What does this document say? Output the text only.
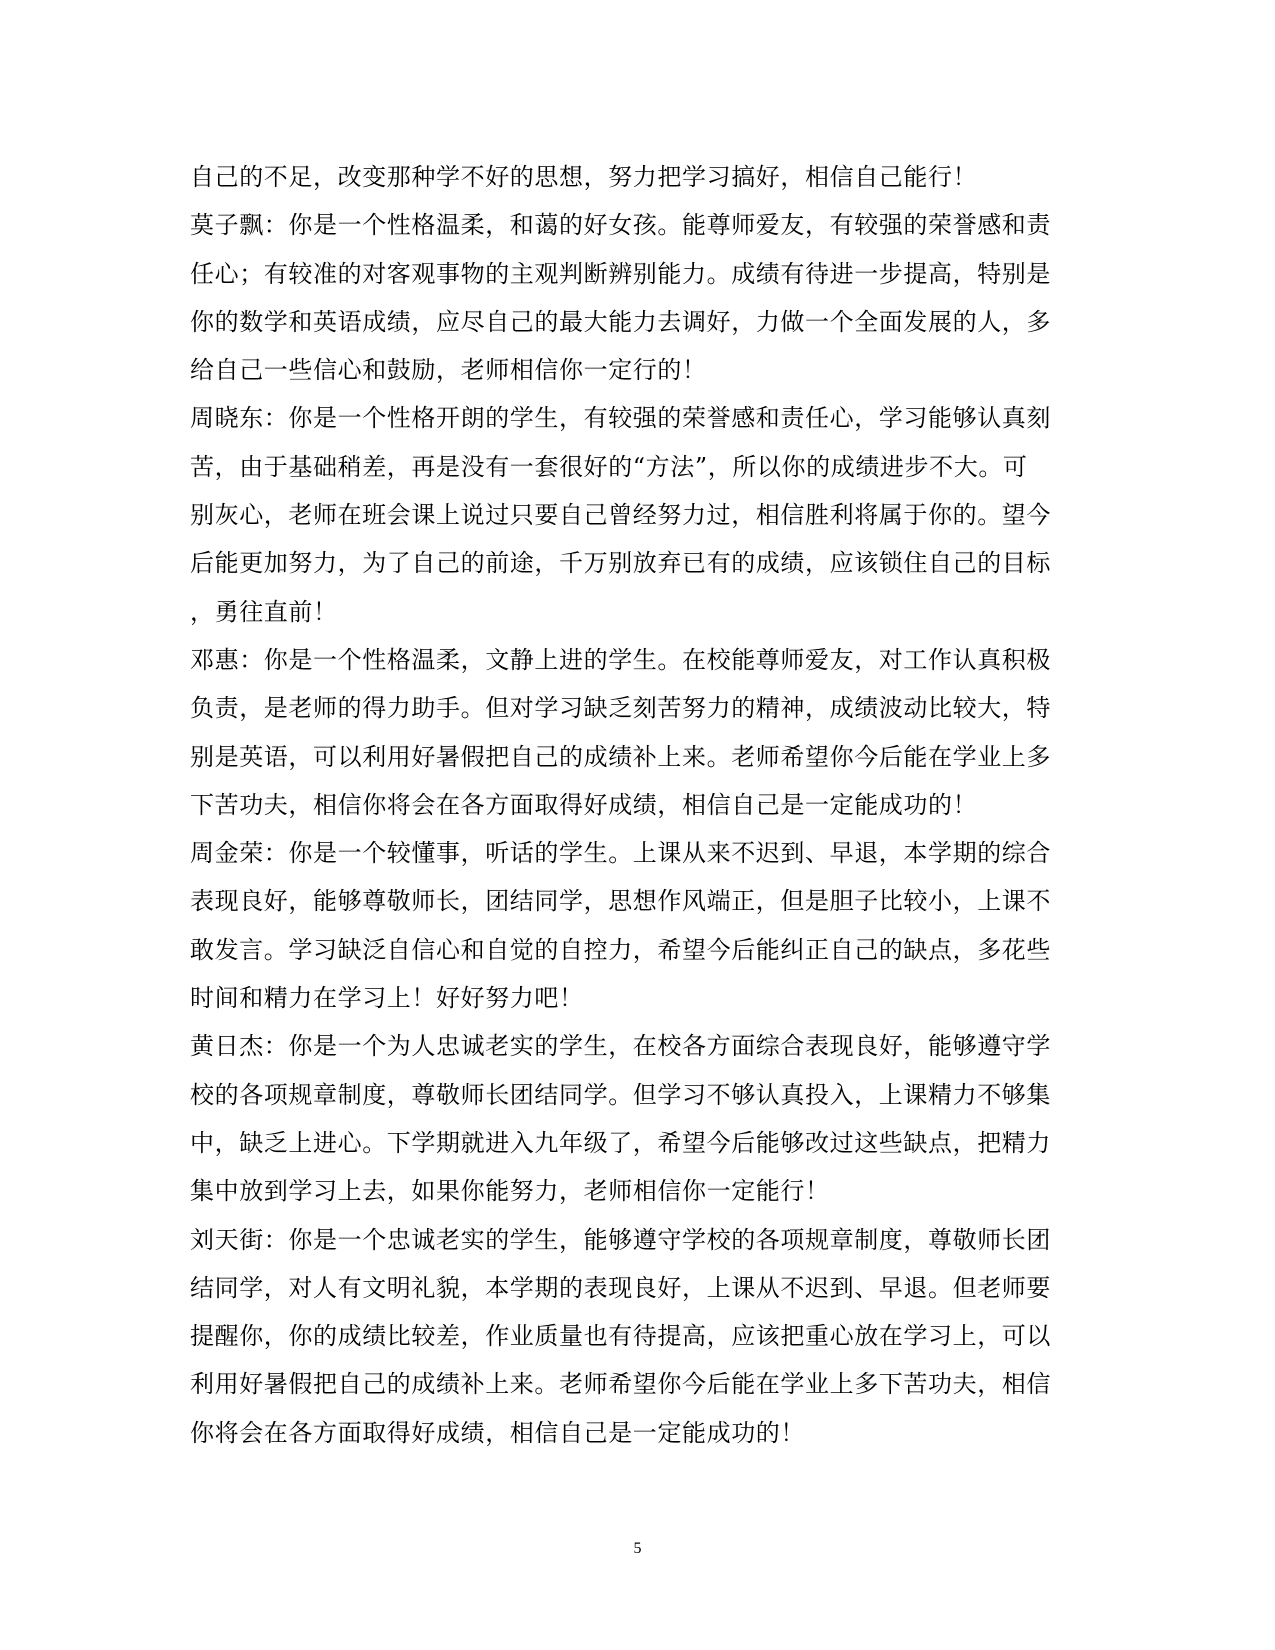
自己的不足，改变那种学不好的思想，努力把学习搞好，相信自己能行！
莫子飘：你是一个性格温柔，和蔼的好女孩。能尊师爱友，有较强的荣誉感和责
任心；有较准的对客观事物的主观判断辨别能力。成绩有待进一步提高，特别是
你的数学和英语成绩，应尽自己的最大能力去调好，力做一个全面发展的人，多
给自己一些信心和鼓励，老师相信你一定行的！
周晓东：你是一个性格开朗的学生，有较强的荣誉感和责任心，学习能够认真刻
苦，由于基础稍差，再是没有一套很好的“方法”，所以你的成绩进步不大。可
别灰心，老师在班会课上说过只要自己曾经努力过，相信胜利将属于你的。望今
后能更加努力，为了自己的前途，千万别放弃已有的成绩，应该锁住自己的目标
，勇往直前！
邓惠：你是一个性格温柔，文静上进的学生。在校能尊师爱友，对工作认真积极
负责，是老师的得力助手。但对学习缺乏刻苦努力的精神，成绩波动比较大，特
别是英语，可以利用好暑假把自己的成绩补上来。老师希望你今后能在学业上多
下苦功夫，相信你将会在各方面取得好成绩，相信自己是一定能成功的！
周金荣：你是一个较懂事，听话的学生。上课从来不迟到、早退，本学期的综合
表现良好，能够尊敬师长，团结同学，思想作风端正，但是胆子比较小，上课不
敢发言。学习缺泛自信心和自觉的自控力，希望今后能纠正自己的缺点，多花些
时间和精力在学习上！好好努力吧！
黄日杰：你是一个为人忠诚老实的学生，在校各方面综合表现良好，能够遵守学
校的各项规章制度，尊敬师长团结同学。但学习不够认真投入，上课精力不够集
中，缺乏上进心。下学期就进入九年级了，希望今后能够改过这些缺点，把精力
集中放到学习上去，如果你能努力，老师相信你一定能行！
刘天街：你是一个忠诚老实的学生，能够遵守学校的各项规章制度，尊敬师长团
结同学，对人有文明礼貌，本学期的表现良好，上课从不迟到、早退。但老师要
提醒你，你的成绩比较差，作业质量也有待提高，应该把重心放在学习上，可以
利用好暑假把自己的成绩补上来。老师希望你今后能在学业上多下苦功夫，相信
你将会在各方面取得好成绩，相信自己是一定能成功的！
5
